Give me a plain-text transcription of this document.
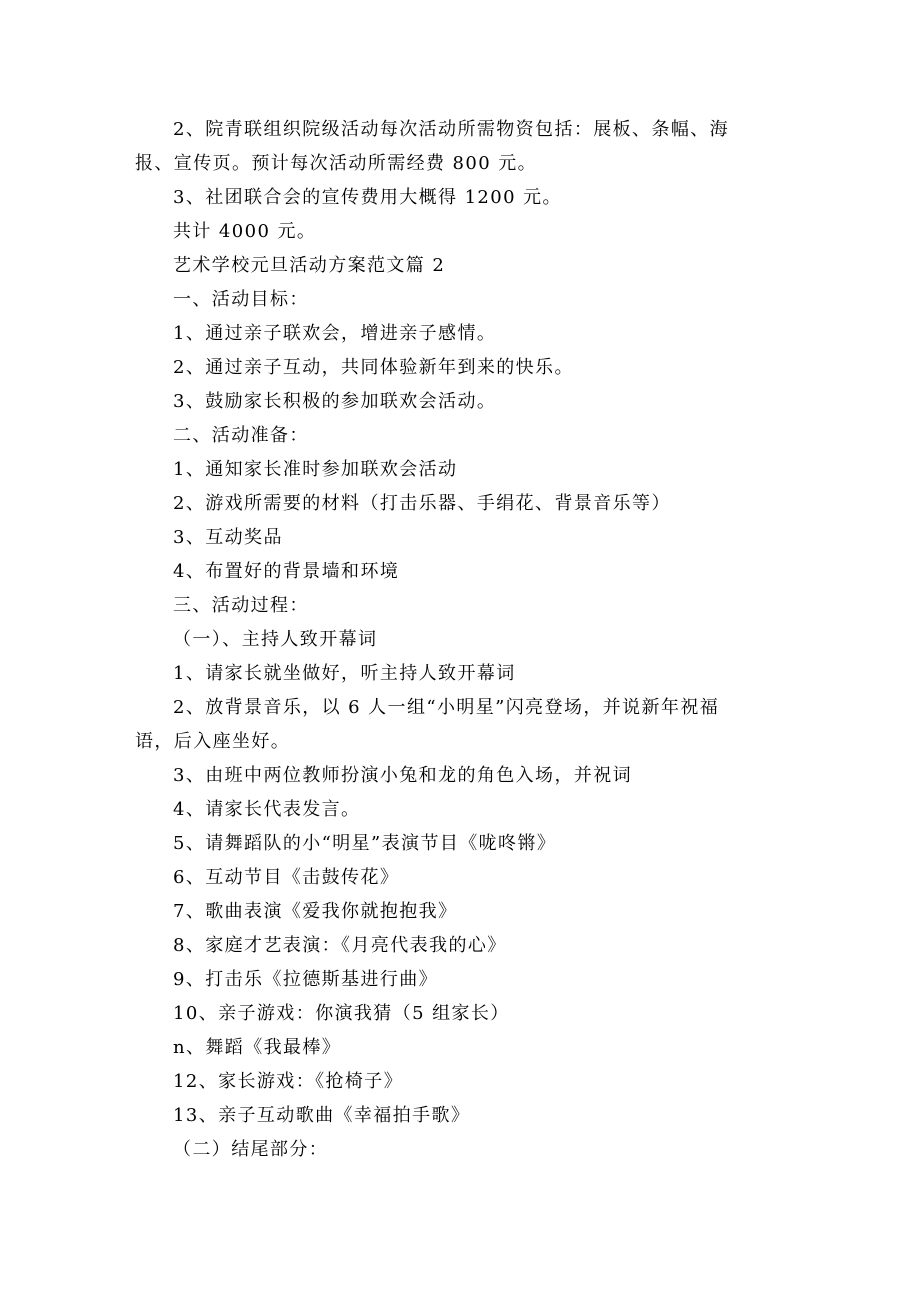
2、院青联组织院级活动每次活动所需物资包括：展板、条幅、海报、宣传页。预计每次活动所需经费 800 元。

3、社团联合会的宣传费用大概得 1200 元。

共计 4000 元。

艺术学校元旦活动方案范文篇 2

一、活动目标：

1、通过亲子联欢会，增进亲子感情。

2、通过亲子互动，共同体验新年到来的快乐。

3、鼓励家长积极的参加联欢会活动。

二、活动准备：

1、通知家长准时参加联欢会活动

2、游戏所需要的材料（打击乐器、手绢花、背景音乐等）

3、互动奖品

4、布置好的背景墙和环境

三、活动过程：

（一）、主持人致开幕词

1、请家长就坐做好，听主持人致开幕词

2、放背景音乐，以 6 人一组“小明星”闪亮登场，并说新年祝福语，后入座坐好。

3、由班中两位教师扮演小兔和龙的角色入场，并祝词

4、请家长代表发言。

5、请舞蹈队的小“明星”表演节目《咙咚锵》

6、互动节目《击鼓传花》

7、歌曲表演《爱我你就抱抱我》

8、家庭才艺表演：《月亮代表我的心》

9、打击乐《拉德斯基进行曲》

10、亲子游戏：你演我猜（5 组家长）

n、舞蹈《我最棒》

12、家长游戏：《抢椅子》

13、亲子互动歌曲《幸福拍手歌》

（二）结尾部分：
